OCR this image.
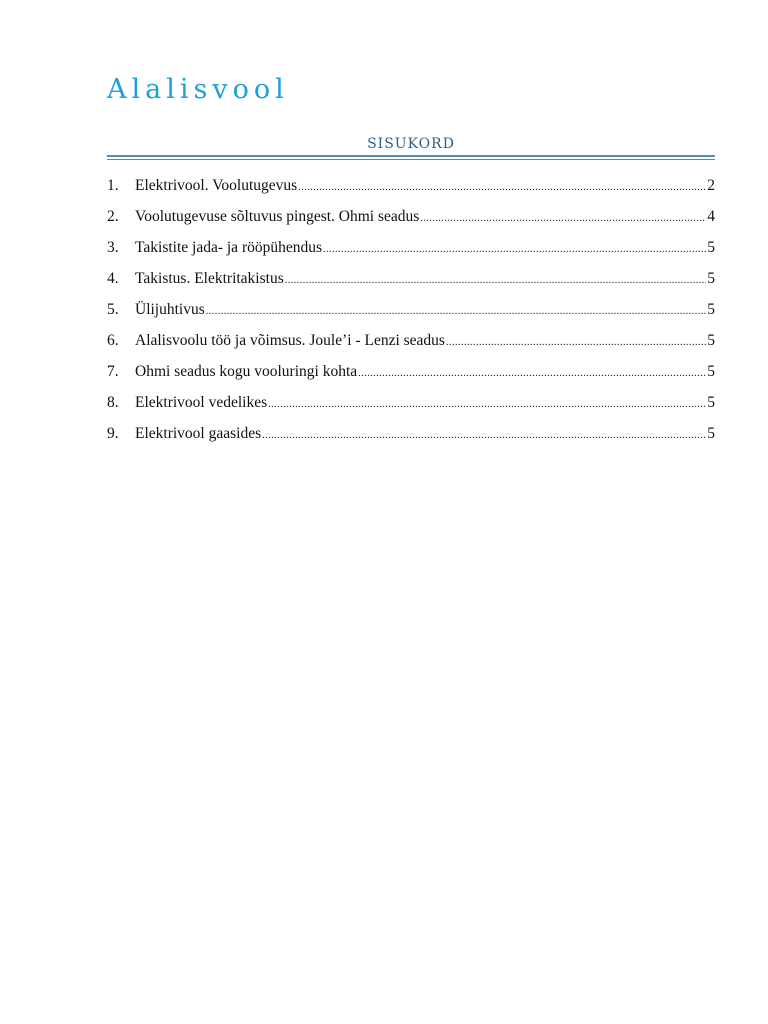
Alalisvool
SISUKORD
1.	Elektrivool. Voolutugevus .....	2
2.	Voolutugevuse sõltuvus pingest. Ohmi seadus .....	4
3.	Takistite jada- ja rööpühendus .....	5
4.	Takistus. Elektritakistus .....	5
5.	Ülijuhtivus .....	5
6.	Alalisvoolu töö ja võimsus. Joule’i - Lenzi seadus .....	5
7.	Ohmi seadus kogu vooluringi kohta .....	5
8.	Elektrivool vedelikes .....	5
9.	Elektrivool gaasides .....	5
